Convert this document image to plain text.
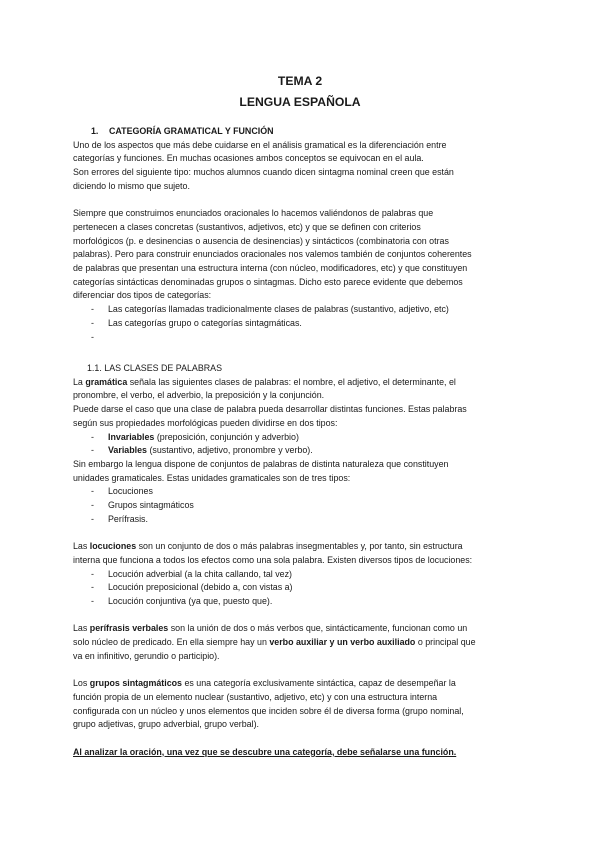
TEMA 2
LENGUA ESPAÑOLA
1. CATEGORÍA GRAMATICAL Y FUNCIÓN

Uno de los aspectos que más debe cuidarse en el análisis gramatical es la diferenciación entre

categorías y funciones. En muchas ocasiones ambos conceptos se equivocan en el aula.

Son errores del siguiente tipo: muchos alumnos cuando dicen sintagma nominal creen que están

diciendo lo mismo que sujeto.

Siempre que construimos enunciados oracionales lo hacemos valiéndonos de palabras que

pertenecen a clases concretas (sustantivos, adjetivos, etc) y que se definen con criterios

morfológicos (p. e desinencias o ausencia de desinencias) y sintácticos (combinatoria con otras

palabras). Pero para construir enunciados oracionales nos valemos también de conjuntos coherentes

de palabras que presentan una estructura interna (con núcleo, modificadores, etc) y que constituyen

categorías sintácticas denominadas grupos o sintagmas. Dicho esto parece evidente que debemos

diferenciar dos tipos de categorías:

- Las categorías llamadas tradicionalmente clases de palabras (sustantivo, adjetivo, etc)
- Las categorías grupo o categorías sintagmáticas.
-
1.1. LAS CLASES DE PALABRAS

La gramática señala las siguientes clases de palabras: el nombre, el adjetivo, el determinante, el

pronombre, el verbo, el adverbio, la preposición y la conjunción.

Puede darse el caso que una clase de palabra pueda desarrollar distintas funciones. Estas palabras

según sus propiedades morfológicas pueden dividirse en dos tipos:

- Invariables (preposición, conjunción y adverbio)
- Variables (sustantivo, adjetivo, pronombre y verbo).

Sin embargo la lengua dispone de conjuntos de palabras de distinta naturaleza que constituyen

unidades gramaticales. Estas unidades gramaticales son de tres tipos:

- Locuciones
- Grupos sintagmáticos
- Perífrasis.

Las locuciones son un conjunto de dos o más palabras insegmentables y, por tanto, sin estructura

interna que funciona a todos los efectos como una sola palabra. Existen diversos tipos de locuciones:

- Locución adverbial (a la chita callando, tal vez)
- Locución preposicional (debido a, con vistas a)
- Locución conjuntiva (ya que, puesto que).

Las perífrasis verbales son la unión de dos o más verbos que, sintácticamente, funcionan como un

solo núcleo de predicado. En ella siempre hay un verbo auxiliar y un verbo auxiliado o principal que

va en infinitivo, gerundio o participio).

Los grupos sintagmáticos es una categoría exclusivamente sintáctica, capaz de desempeñar la

función propia de un elemento nuclear (sustantivo, adjetivo, etc) y con una estructura interna

configurada con un núcleo y unos elementos que inciden sobre él de diversa forma (grupo nominal,

grupo adjetivas, grupo adverbial, grupo verbal).

Al analizar la oración, una vez que se descubre una categoría, debe señalarse una función.
